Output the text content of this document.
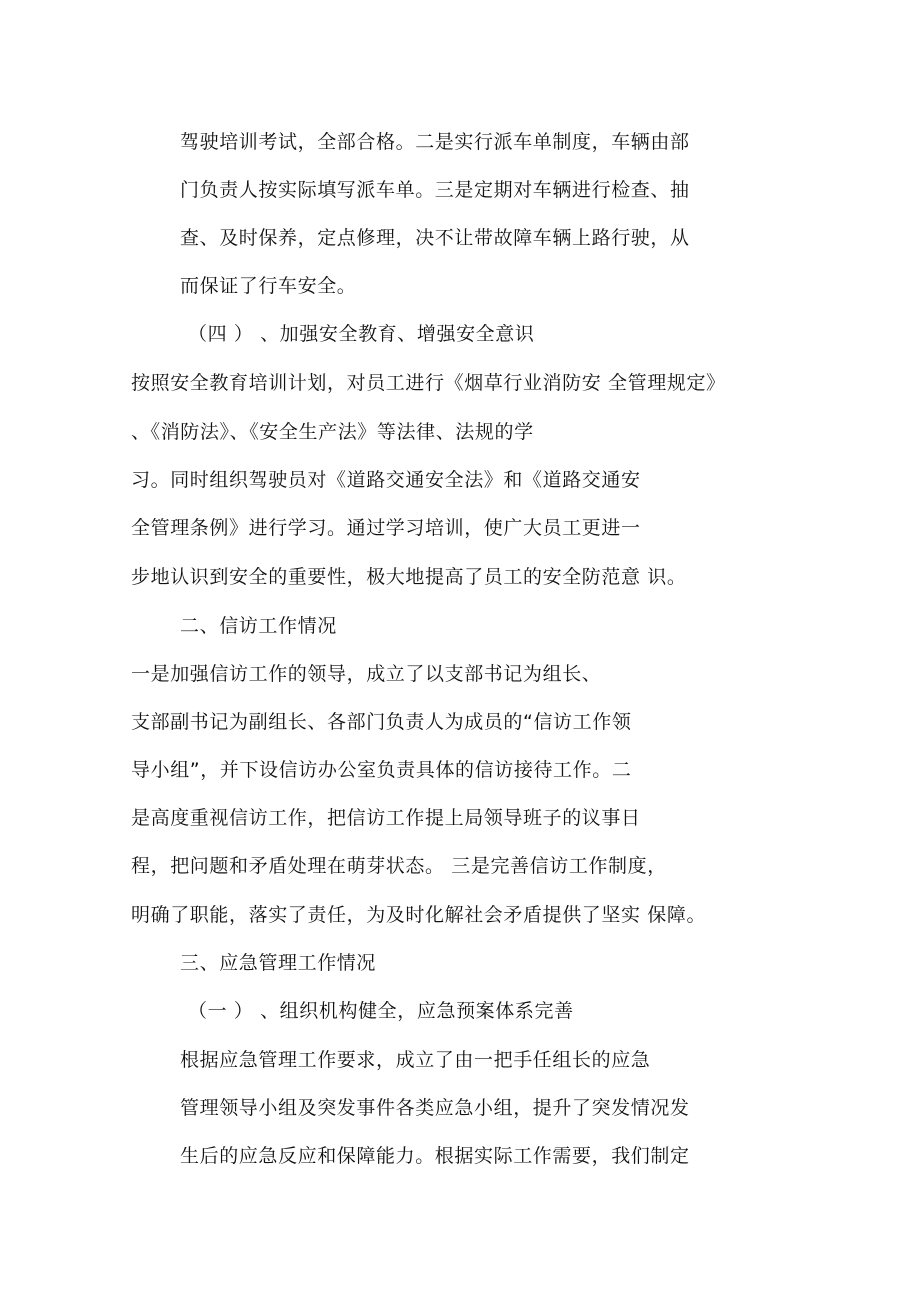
驾驶培训考试，全部合格。二是实行派车单制度，车辆由部
门负责人按实际填写派车单。三是定期对车辆进行检查、抽
查、及时保养，定点修理，决不让带故障车辆上路行驶，从
而保证了行车安全。
（四 ） 、加强安全教育、增强安全意识
按照安全教育培训计划，对员工进行《烟草行业消防安 全管理规定》
、《消防法》、《安全生产法》等法律、法规的学
习。同时组织驾驶员对《道路交通安全法》和《道路交通安
全管理条例》进行学习。通过学习培训，使广大员工更进一
步地认识到安全的重要性，极大地提高了员工的安全防范意 识。
二、信访工作情况
一是加强信访工作的领导，成立了以支部书记为组长、
支部副书记为副组长、各部门负责人为成员的“信访工作领
导小组”，并下设信访办公室负责具体的信访接待工作。二
是高度重视信访工作，把信访工作提上局领导班子的议事日
程，把问题和矛盾处理在萌芽状态。 三是完善信访工作制度，
明确了职能，落实了责任，为及时化解社会矛盾提供了坚实 保障。
三、应急管理工作情况
（一 ） 、组织机构健全，应急预案体系完善
根据应急管理工作要求，成立了由一把手任组长的应急
管理领导小组及突发事件各类应急小组，提升了突发情况发
生后的应急反应和保障能力。根据实际工作需要，我们制定
